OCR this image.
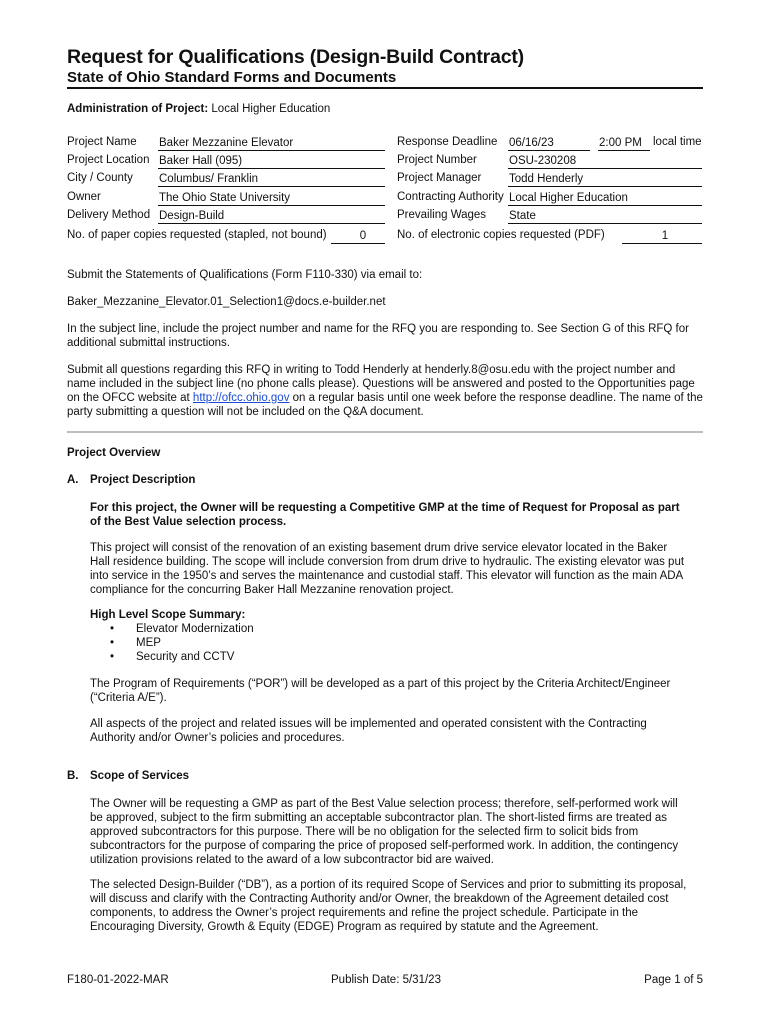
Request for Qualifications (Design-Build Contract)
State of Ohio Standard Forms and Documents
Administration of Project: Local Higher Education
Project Name Baker Mezzanine Elevator
Project Location Baker Hall (095)
City / County Columbus/ Franklin
Owner	The Ohio State University
Delivery Method Design-Build
No. of paper copies requested (stapled, not bound)	0
Response Deadline 06/16/23	2:00 PM local time
Project Number	OSU-230208
Project Manager Todd Henderly
Contracting Authority Local Higher Education
Prevailing Wages State
No. of electronic copies requested (PDF)	1
Submit the Statements of Qualifications (Form F110-330) via email to:
Baker_Mezzanine_Elevator.01_Selection1@docs.e-builder.net
In the subject line, include the project number and name for the RFQ you are responding to. See Section G of this RFQ for additional submittal instructions.
Submit all questions regarding this RFQ in writing to Todd Henderly at henderly.8@osu.edu with the project number and name included in the subject line (no phone calls please). Questions will be answered and posted to the Opportunities page on the OFCC website at http://ofcc.ohio.gov on a regular basis until one week before the response deadline. The name of the party submitting a question will not be included on the Q&A document.
Project Overview
A. Project Description
For this project, the Owner will be requesting a Competitive GMP at the time of Request for Proposal as part of the Best Value selection process.
This project will consist of the renovation of an existing basement drum drive service elevator located in the Baker Hall residence building. The scope will include conversion from drum drive to hydraulic. The existing elevator was put into service in the 1950’s and serves the maintenance and custodial staff. This elevator will function as the main ADA compliance for the concurring Baker Hall Mezzanine renovation project.
High Level Scope Summary:
• Elevator Modernization
• MEP
• Security and CCTV
The Program of Requirements (“POR”) will be developed as a part of this project by the Criteria Architect/Engineer (“Criteria A/E”).
All aspects of the project and related issues will be implemented and operated consistent with the Contracting Authority and/or Owner’s policies and procedures.
B. Scope of Services
The Owner will be requesting a GMP as part of the Best Value selection process; therefore, self-performed work will be approved, subject to the firm submitting an acceptable subcontractor plan. The short-listed firms are treated as approved subcontractors for this purpose. There will be no obligation for the selected firm to solicit bids from subcontractors for the purpose of comparing the price of proposed self-performed work. In addition, the contingency utilization provisions related to the award of a low subcontractor bid are waived.
The selected Design-Builder (“DB”), as a portion of its required Scope of Services and prior to submitting its proposal, will discuss and clarify with the Contracting Authority and/or Owner, the breakdown of the Agreement detailed cost components, to address the Owner’s project requirements and refine the project schedule. Participate in the Encouraging Diversity, Growth & Equity (EDGE) Program as required by statute and the Agreement.
F180-01-2022-MAR	Publish Date: 5/31/23	Page 1 of 5
